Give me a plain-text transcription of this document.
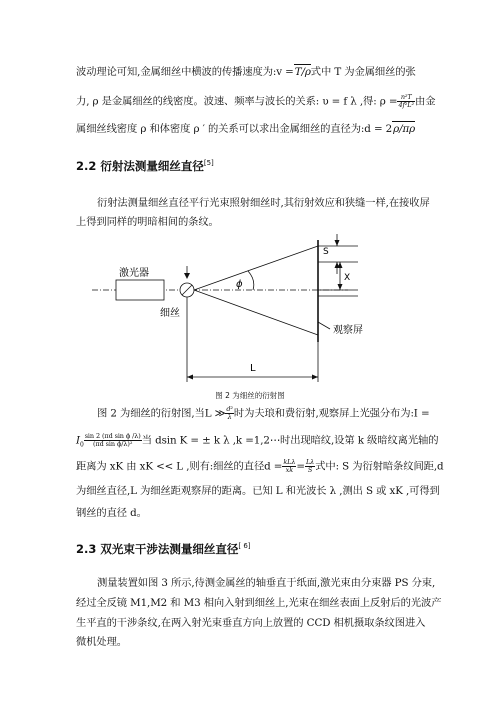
波动理论可知,金属细丝中横波的传播速度为:v =T/ρ式中 T 为金属细丝的张
力, ρ 是金属细丝的线密度。波速、频率与波长的关系: υ = f λ ,得: $\rho = \frac{\text{n²T}}{\text{4f²L²}}$ 由金
属细丝线密度 ρ 和体密度 ρ ′ 的关系可以求出金属细丝的直径为:d = 2ρ/πρ
2.2 衍射法测量细丝直径[5]
衍射法测量细丝直径平行光束照射细丝时,其衍射效应和狭缝一样,在接收屏
上得到同样的明暗相间的条纹。
激光器
细丝
观察屏
ϕ
S
X
L
图 2 为细丝的衍射图
图 2 为细丝的衍射图,当L ≫ $\frac{\text{d²}}{\lambda}$ 时为夫琅和费衍射,观察屏上光强分布为:I =
$I_0 \frac{\text{sin 2 (πd sin ϕ /λ)}}{\text{(πd sin ϕ/λ)²}}$ 当 dsin K = ± k λ ,k =1,2⋯时出现暗纹,设第 k 级暗纹离光轴的
距离为 xK 由 xK << L ,则有:细丝的直径$d = \frac{\text{kLλ}}{xk} = \frac{L\lambda}{S}$ 式中: S 为衍射暗条纹间距,d
为细丝直径,L 为细丝距观察屏的距离。已知 L 和光波长 λ ,测出 S 或 xK ,可得到
钢丝的直径 d。
2.3 双光束干涉法测量细丝直径[ 6]
测量装置如图 3 所示,待测金属丝的轴垂直于纸面,激光束由分束器 PS 分束,
经过全反镜 M1,M2 和 M3 相向入射到细丝上,光束在细丝表面上反射后的光波产
生平直的干涉条纹,在两入射光束垂直方向上放置的 CCD 相机摄取条纹图进入
微机处理。
